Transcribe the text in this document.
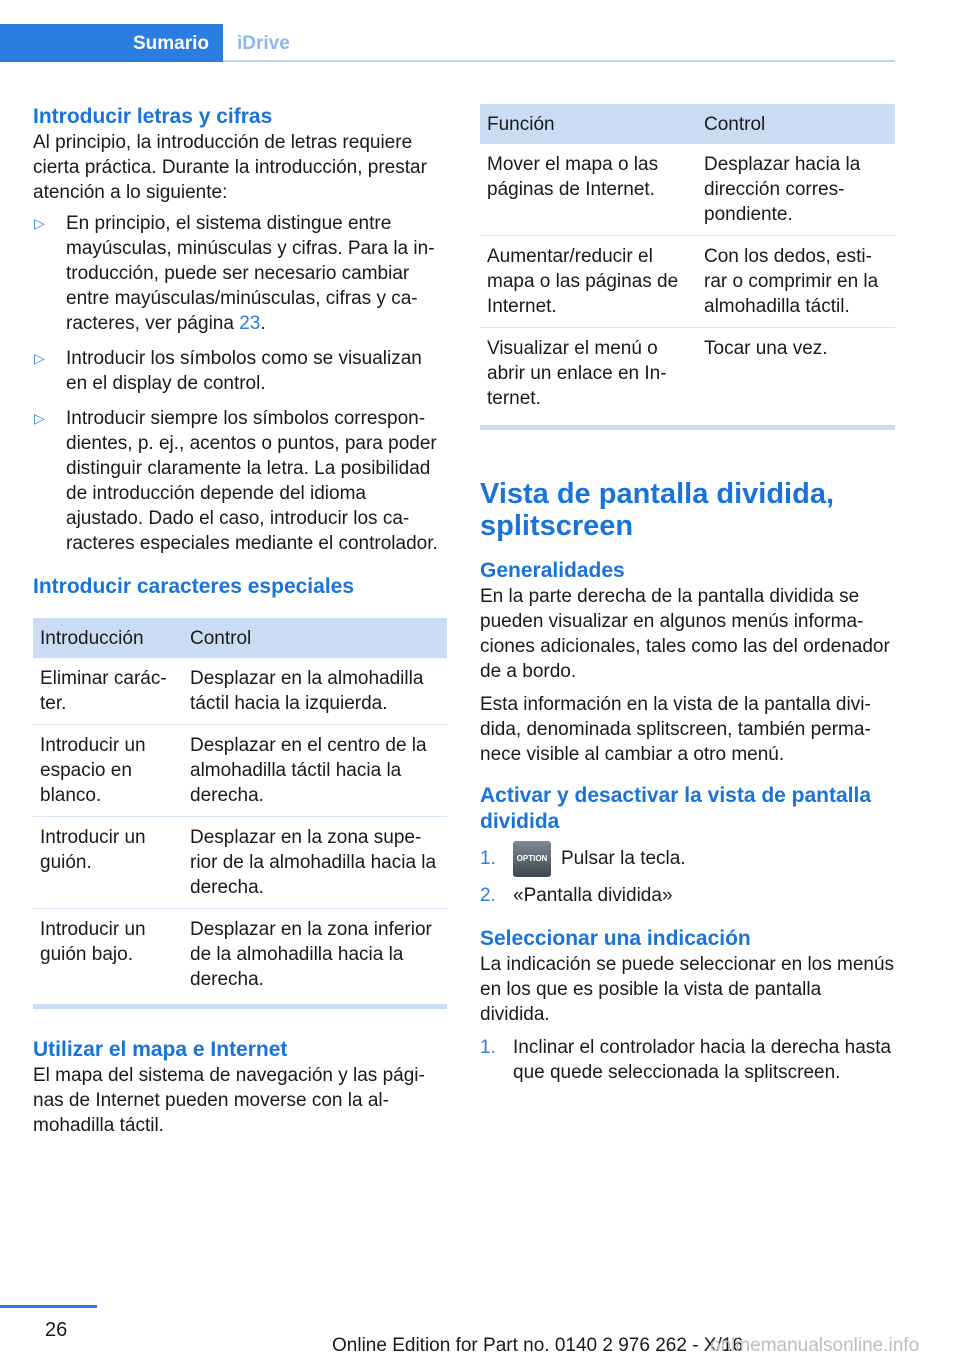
Sumario iDrive
Introducir letras y cifras

Al principio, la introducción de letras requiere cierta práctica. Durante la introducción, prestar atención a lo siguiente:

▷ En principio, el sistema distingue entre mayúsculas, minúsculas y cifras. Para la introducción, puede ser necesario cambiar entre mayúsculas/minúsculas, cifras y caracteres, ver página 23.
▷ Introducir los símbolos como se visualizan en el display de control.
▷ Introducir siempre los símbolos correspondientes, p. ej., acentos o puntos, para poder distinguir claramente la letra. La posibilidad de introducción depende del idioma ajustado. Dado el caso, introducir los caracteres especiales mediante el controlador.
Introducir caracteres especiales
Introducción	Control
Eliminar carácter.	Desplazar en la almohadilla táctil hacia la izquierda.
Introducir un espacio en blanco.	Desplazar en el centro de la almohadilla táctil hacia la derecha.
Introducir un guión.	Desplazar en la zona superior de la almohadilla hacia la derecha.
Introducir un guión bajo.	Desplazar en la zona inferior de la almohadilla hacia la derecha.
Utilizar el mapa e Internet

El mapa del sistema de navegación y las páginas de Internet pueden moverse con la almohadilla táctil.

Función	Control
Mover el mapa o las páginas de Internet.	Desplazar hacia la dirección correspondiente.
Aumentar/reducir el mapa o las páginas de Internet.	Con los dedos, estirar o comprimir en la almohadilla táctil.
Visualizar el menú o abrir un enlace en Internet.	Tocar una vez.
Vista de pantalla dividida, splitscreen
Generalidades

En la parte derecha de la pantalla dividida se pueden visualizar en algunos menús informaciones adicionales, tales como las del ordenador de a bordo.

Esta información en la vista de la pantalla dividida, denominada splitscreen, también permanece visible al cambiar a otro menú.

Activar y desactivar la vista de pantalla dividida
1.	OPTION Pulsar la tecla.
2. «Pantalla dividida»
Seleccionar una indicación

La indicación se puede seleccionar en los menús en los que es posible la vista de pantalla dividida.

1. Inclinar el controlador hacia la derecha hasta que quede seleccionada la splitscreen.
26
Online Edition for Part no. 0140 2 976 262 - X/16
onlinemanualsonline.info
